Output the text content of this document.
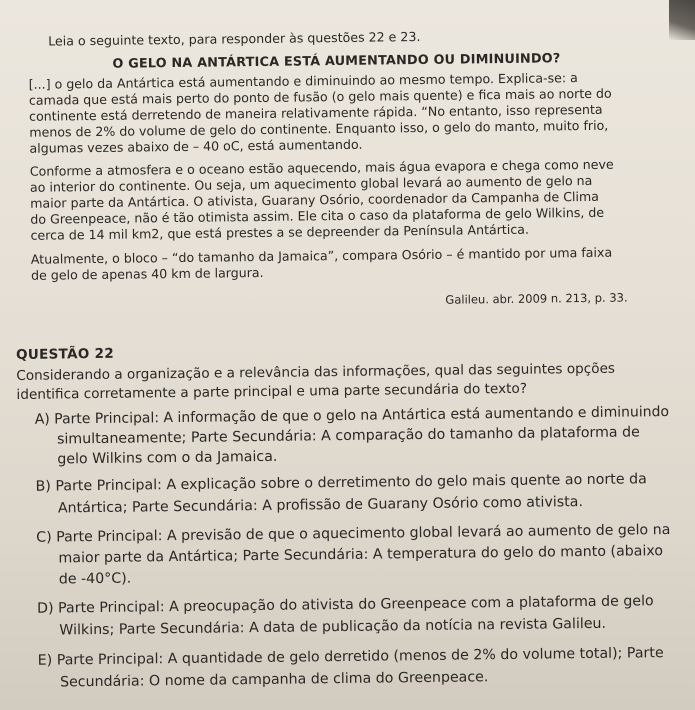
Leia o seguinte texto, para responder às questões 22 e 23.
O GELO NA ANTÁRTICA ESTÁ AUMENTANDO OU DIMINUINDO?
[...] o gelo da Antártica está aumentando e diminuindo ao mesmo tempo. Explica-se: a
camada que está mais perto do ponto de fusão (o gelo mais quente) e fica mais ao norte do
continente está derretendo de maneira relativamente rápida. “No entanto, isso representa
menos de 2% do volume de gelo do continente. Enquanto isso, o gelo do manto, muito frio,
algumas vezes abaixo de – 40 oC, está aumentando.
Conforme a atmosfera e o oceano estão aquecendo, mais água evapora e chega como neve
ao interior do continente. Ou seja, um aquecimento global levará ao aumento de gelo na
maior parte da Antártica. O ativista, Guarany Osório, coordenador da Campanha de Clima
do Greenpeace, não é tão otimista assim. Ele cita o caso da plataforma de gelo Wilkins, de
cerca de 14 mil km2, que está prestes a se depreender da Península Antártica.
Atualmente, o bloco – “do tamanho da Jamaica”, compara Osório – é mantido por uma faixa
de gelo de apenas 40 km de largura.
Galileu. abr. 2009 n. 213, p. 33.
QUESTÃO 22
Considerando a organização e a relevância das informações, qual das seguintes opções
identifica corretamente a parte principal e uma parte secundária do texto?
A) Parte Principal: A informação de que o gelo na Antártica está aumentando e diminuindo
simultaneamente; Parte Secundária: A comparação do tamanho da plataforma de
gelo Wilkins com o da Jamaica.
B) Parte Principal: A explicação sobre o derretimento do gelo mais quente ao norte da
Antártica; Parte Secundária: A profissão de Guarany Osório como ativista.
C) Parte Principal: A previsão de que o aquecimento global levará ao aumento de gelo na
maior parte da Antártica; Parte Secundária: A temperatura do gelo do manto (abaixo
de -40°C).
D) Parte Principal: A preocupação do ativista do Greenpeace com a plataforma de gelo
Wilkins; Parte Secundária: A data de publicação da notícia na revista Galileu.
E) Parte Principal: A quantidade de gelo derretido (menos de 2% do volume total); Parte
Secundária: O nome da campanha de clima do Greenpeace.
